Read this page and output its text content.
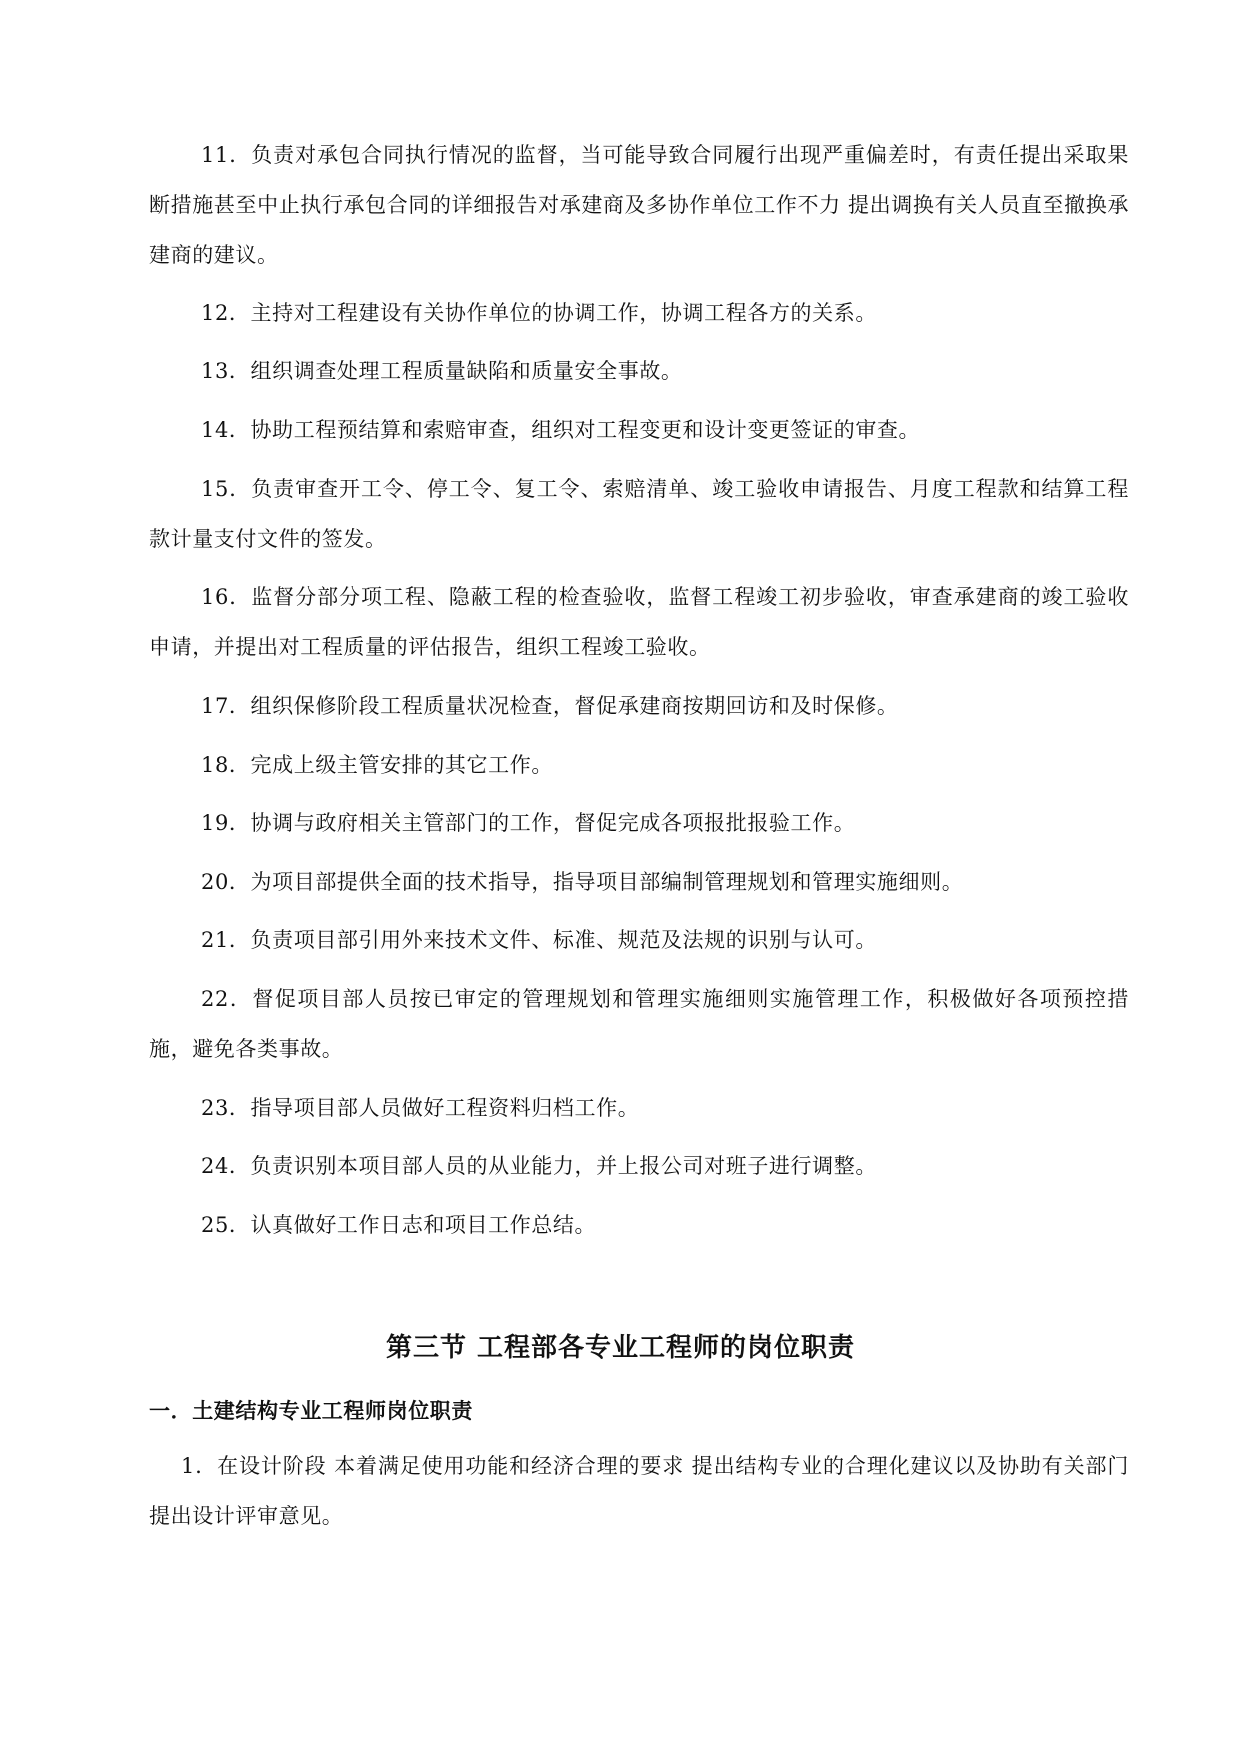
11．负责对承包合同执行情况的监督，当可能导致合同履行出现严重偏差时，有责任提出采取果断措施甚至中止执行承包合同的详细报告对承建商及多协作单位工作不力 提出调换有关人员直至撤换承建商的建议。

12．主持对工程建设有关协作单位的协调工作，协调工程各方的关系。

13．组织调查处理工程质量缺陷和质量安全事故。

14．协助工程预结算和索赔审查，组织对工程变更和设计变更签证的审查。

15．负责审查开工令、停工令、复工令、索赔清单、竣工验收申请报告、月度工程款和结算工程款计量支付文件的签发。

16．监督分部分项工程、隐蔽工程的检查验收，监督工程竣工初步验收，审查承建商的竣工验收申请，并提出对工程质量的评估报告，组织工程竣工验收。

17．组织保修阶段工程质量状况检查，督促承建商按期回访和及时保修。

18．完成上级主管安排的其它工作。

19．协调与政府相关主管部门的工作，督促完成各项报批报验工作。

20．为项目部提供全面的技术指导，指导项目部编制管理规划和管理实施细则。

21．负责项目部引用外来技术文件、标准、规范及法规的识别与认可。

22．督促项目部人员按已审定的管理规划和管理实施细则实施管理工作，积极做好各项预控措施，避免各类事故。

23．指导项目部人员做好工程资料归档工作。

24．负责识别本项目部人员的从业能力，并上报公司对班子进行调整。

25．认真做好工作日志和项目工作总结。

第三节 工程部各专业工程师的岗位职责
一．土建结构专业工程师岗位职责

1．在设计阶段 本着满足使用功能和经济合理的要求 提出结构专业的合理化建议以及协助有关部门提出设计评审意见。
